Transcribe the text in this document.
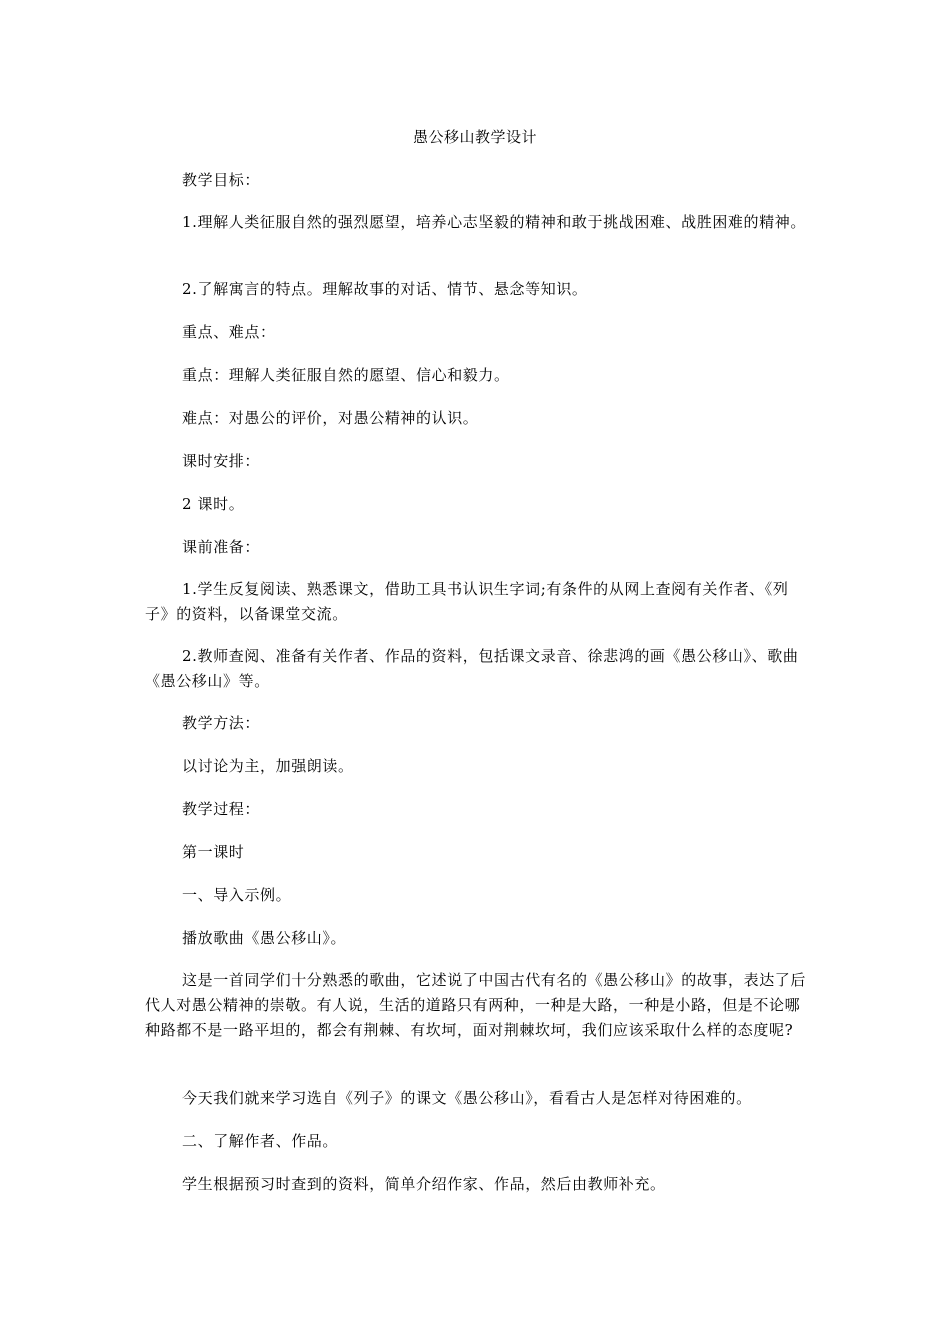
愚公移山教学设计

教学目标：

1.理解人类征服自然的强烈愿望，培养心志坚毅的精神和敢于挑战困难、战胜困难的精神。

2.了解寓言的特点。理解故事的对话、情节、悬念等知识。

重点、难点：

重点：理解人类征服自然的愿望、信心和毅力。

难点：对愚公的评价，对愚公精神的认识。

课时安排：

2 课时。

课前准备：

1.学生反复阅读、熟悉课文，借助工具书认识生字词;有条件的从网上查阅有关作者、《列子》的资料，以备课堂交流。

2.教师查阅、准备有关作者、作品的资料，包括课文录音、徐悲鸿的画《愚公移山》、歌曲《愚公移山》等。

教学方法：

以讨论为主，加强朗读。

教学过程：

第一课时

一、导入示例。

播放歌曲《愚公移山》。

这是一首同学们十分熟悉的歌曲，它述说了中国古代有名的《愚公移山》的故事，表达了后代人对愚公精神的崇敬。有人说，生活的道路只有两种，一种是大路，一种是小路，但是不论哪种路都不是一路平坦的，都会有荆棘、有坎坷，面对荆棘坎坷，我们应该采取什么样的态度呢?

今天我们就来学习选自《列子》的课文《愚公移山》，看看古人是怎样对待困难的。

二、了解作者、作品。

学生根据预习时查到的资料，简单介绍作家、作品，然后由教师补充。
